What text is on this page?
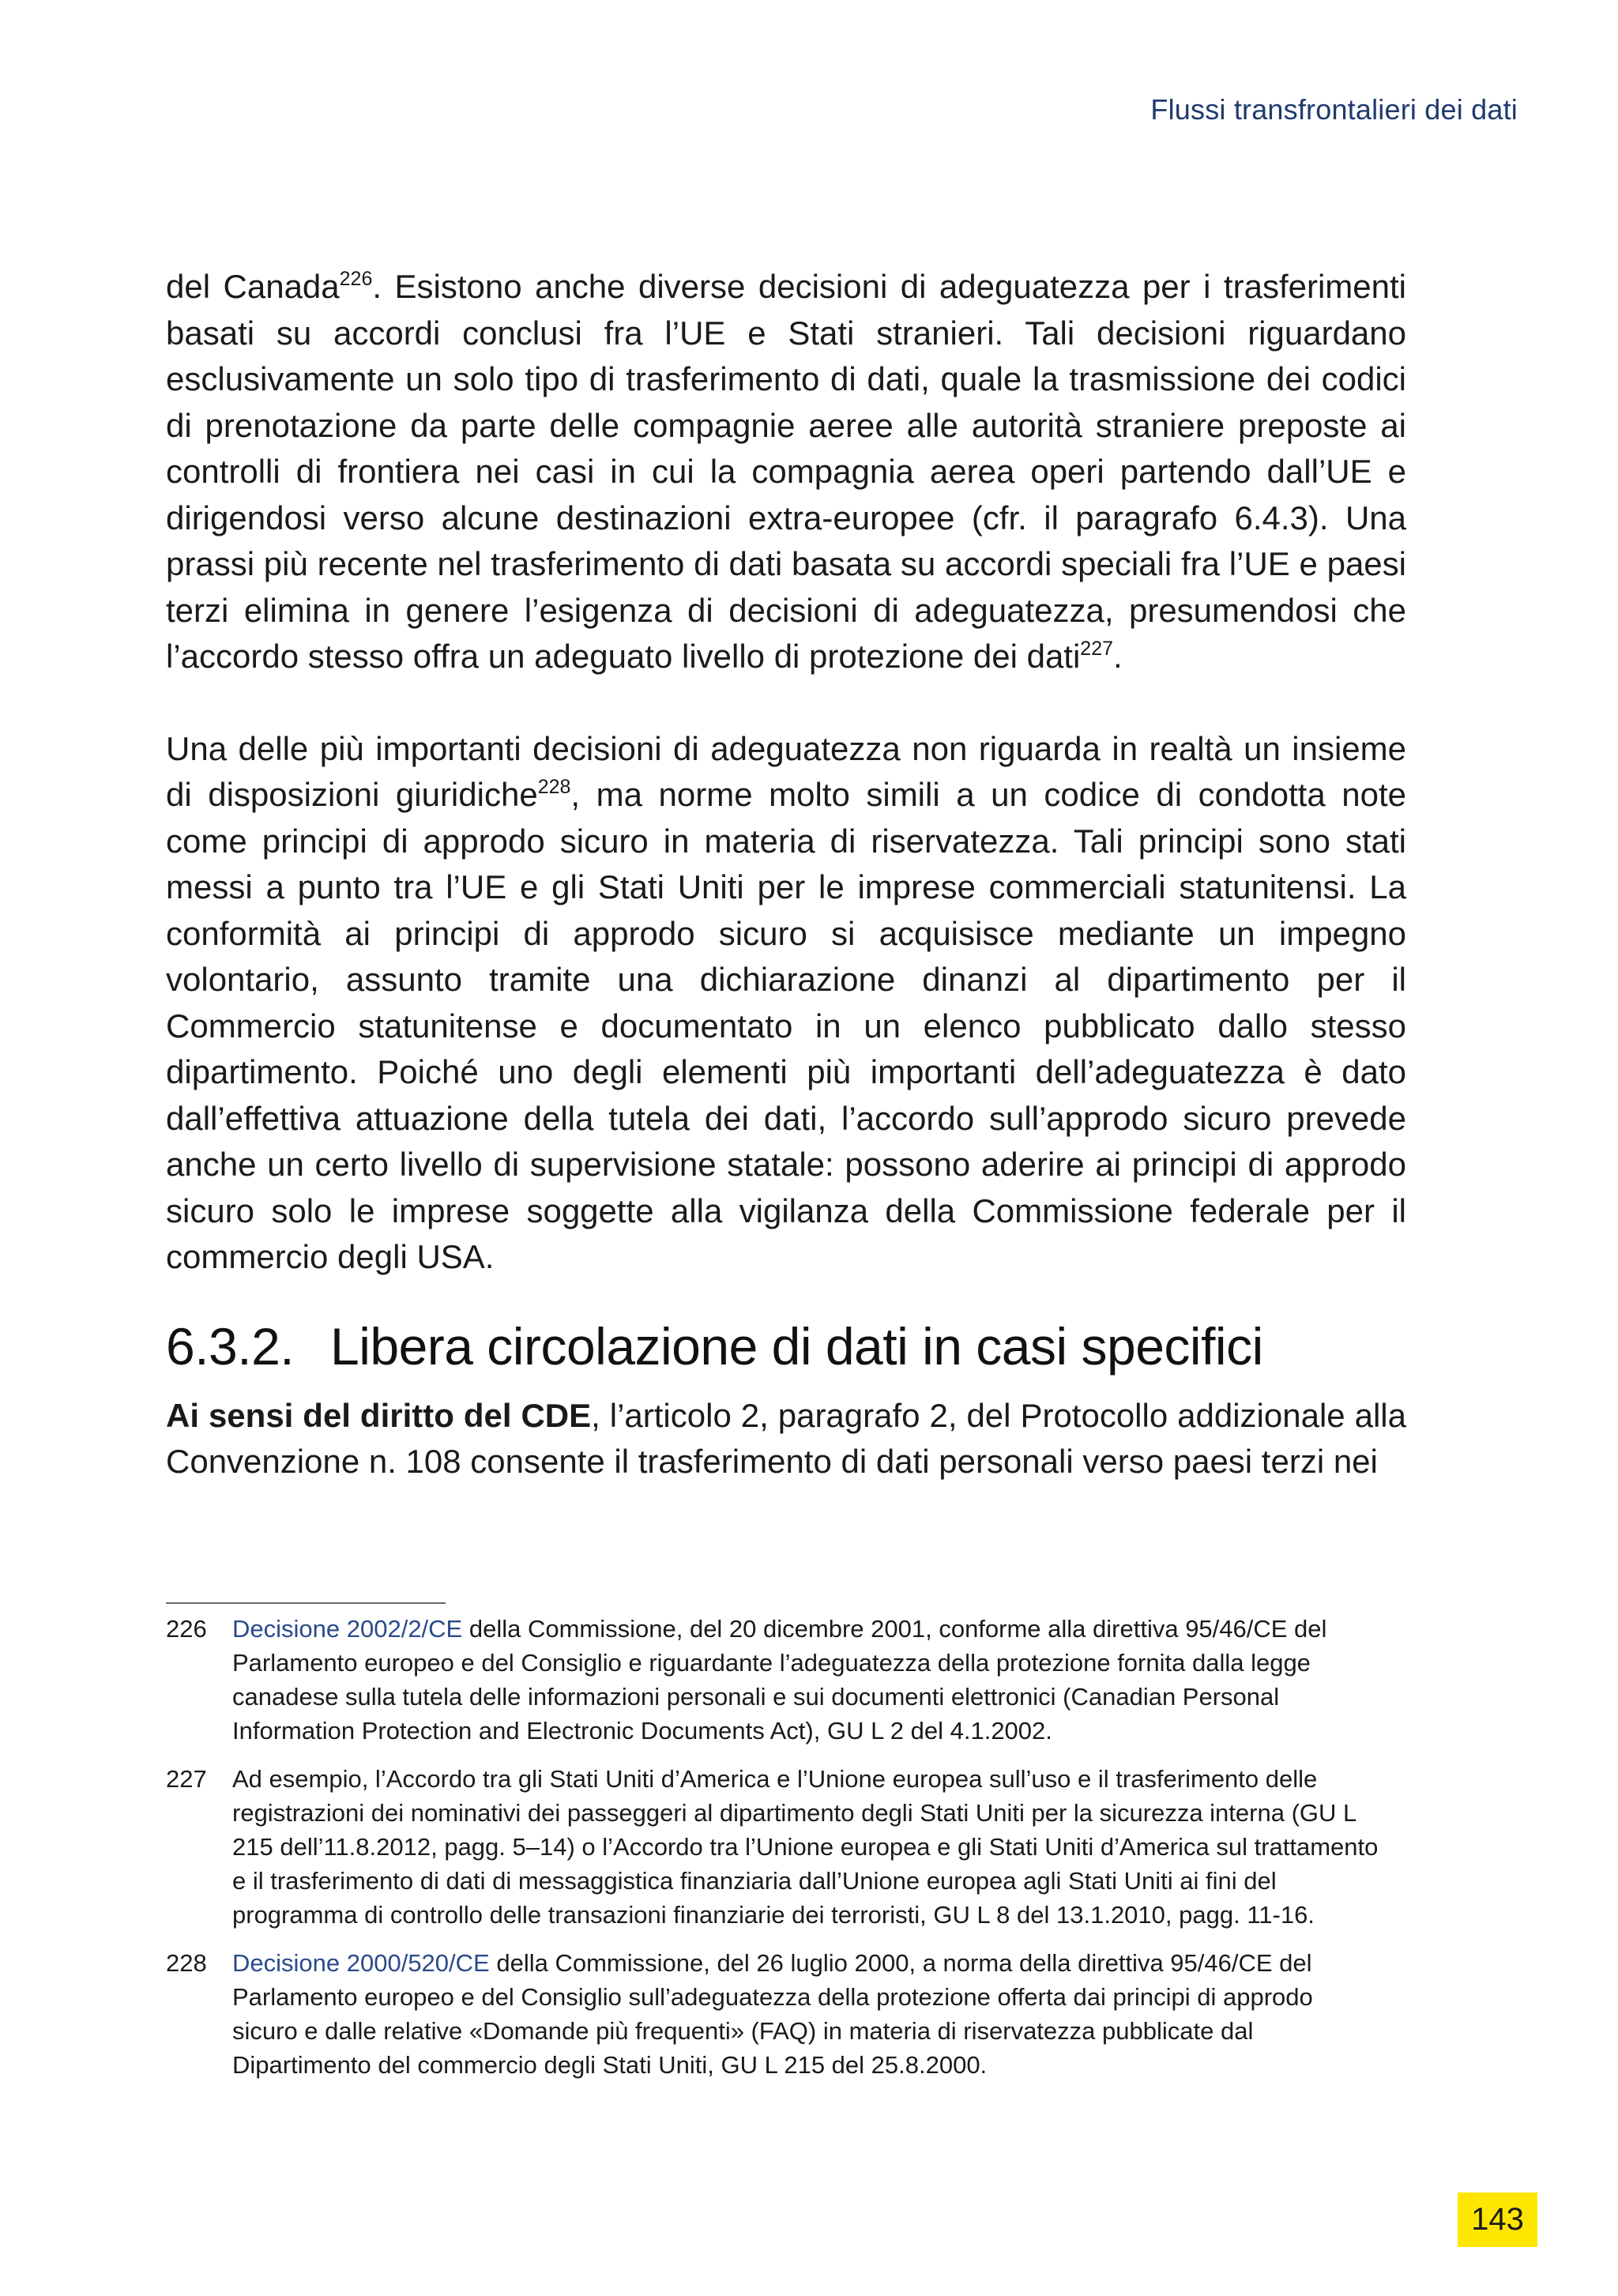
Flussi transfrontalieri dei dati

del Canada$^{226}$. Esistono anche diverse decisioni di adeguatezza per i trasferimenti basati su accordi conclusi fra l’UE e Stati stranieri. Tali decisioni riguardano esclusivamente un solo tipo di trasferimento di dati, quale la trasmissione dei codici di prenotazione da parte delle compagnie aeree alle autorità straniere preposte ai controlli di frontiera nei casi in cui la compagnia aerea operi partendo dall’UE e dirigendosi verso alcune destinazioni extra-europee (cfr. il paragrafo 6.4.3). Una prassi più recente nel trasferimento di dati basata su accordi speciali fra l’UE e paesi terzi elimina in genere l’esigenza di decisioni di adeguatezza, presumendosi che l’accordo stesso offra un adeguato livello di protezione dei dati$^{227}$.

Una delle più importanti decisioni di adeguatezza non riguarda in realtà un insieme di disposizioni giuridiche$^{228}$, ma norme molto simili a un codice di condotta note come principi di approdo sicuro in materia di riservatezza. Tali principi sono stati messi a punto tra l’UE e gli Stati Uniti per le imprese commerciali statunitensi. La conformità ai principi di approdo sicuro si acquisisce mediante un impegno volontario, assunto tramite una dichiarazione dinanzi al dipartimento per il Commercio statunitense e documentato in un elenco pubblicato dallo stesso dipartimento. Poiché uno degli elementi più importanti dell’adeguatezza è dato dall’effettiva attuazione della tutela dei dati, l’accordo sull’approdo sicuro prevede anche un certo livello di supervisione statale: possono aderire ai principi di approdo sicuro solo le imprese soggette alla vigilanza della Commissione federale per il commercio degli USA.

6.3.2. Libera circolazione di dati in casi specifici

Ai sensi del diritto del CDE, l’articolo 2, paragrafo 2, del Protocollo addizionale alla Convenzione n. 108 consente il trasferimento di dati personali verso paesi terzi nei

226	Decisione 2002/2/CE della Commissione, del 20 dicembre 2001, conforme alla direttiva 95/46/CE del Parlamento europeo e del Consiglio e riguardante l’adeguatezza della protezione fornita dalla legge canadese sulla tutela delle informazioni personali e sui documenti elettronici (Canadian Personal Information Protection and Electronic Documents Act), GU L 2 del 4.1.2002.
227	Ad esempio, l’Accordo tra gli Stati Uniti d’America e l’Unione europea sull’uso e il trasferimento delle registrazioni dei nominativi dei passeggeri al dipartimento degli Stati Uniti per la sicurezza interna (GU L 215 dell’11.8.2012, pagg. 5–14) o l’Accordo tra l’Unione europea e gli Stati Uniti d’America sul trattamento e il trasferimento di dati di messaggistica finanziaria dall’Unione europea agli Stati Uniti ai fini del programma di controllo delle transazioni finanziarie dei terroristi, GU L 8 del 13.1.2010, pagg. 11-16.
228	Decisione 2000/520/CE della Commissione, del 26 luglio 2000, a norma della direttiva 95/46/CE del Parlamento europeo e del Consiglio sull’adeguatezza della protezione offerta dai principi di approdo sicuro e dalle relative «Domande più frequenti» (FAQ) in materia di riservatezza pubblicate dal Dipartimento del commercio degli Stati Uniti, GU L 215 del 25.8.2000.
143
